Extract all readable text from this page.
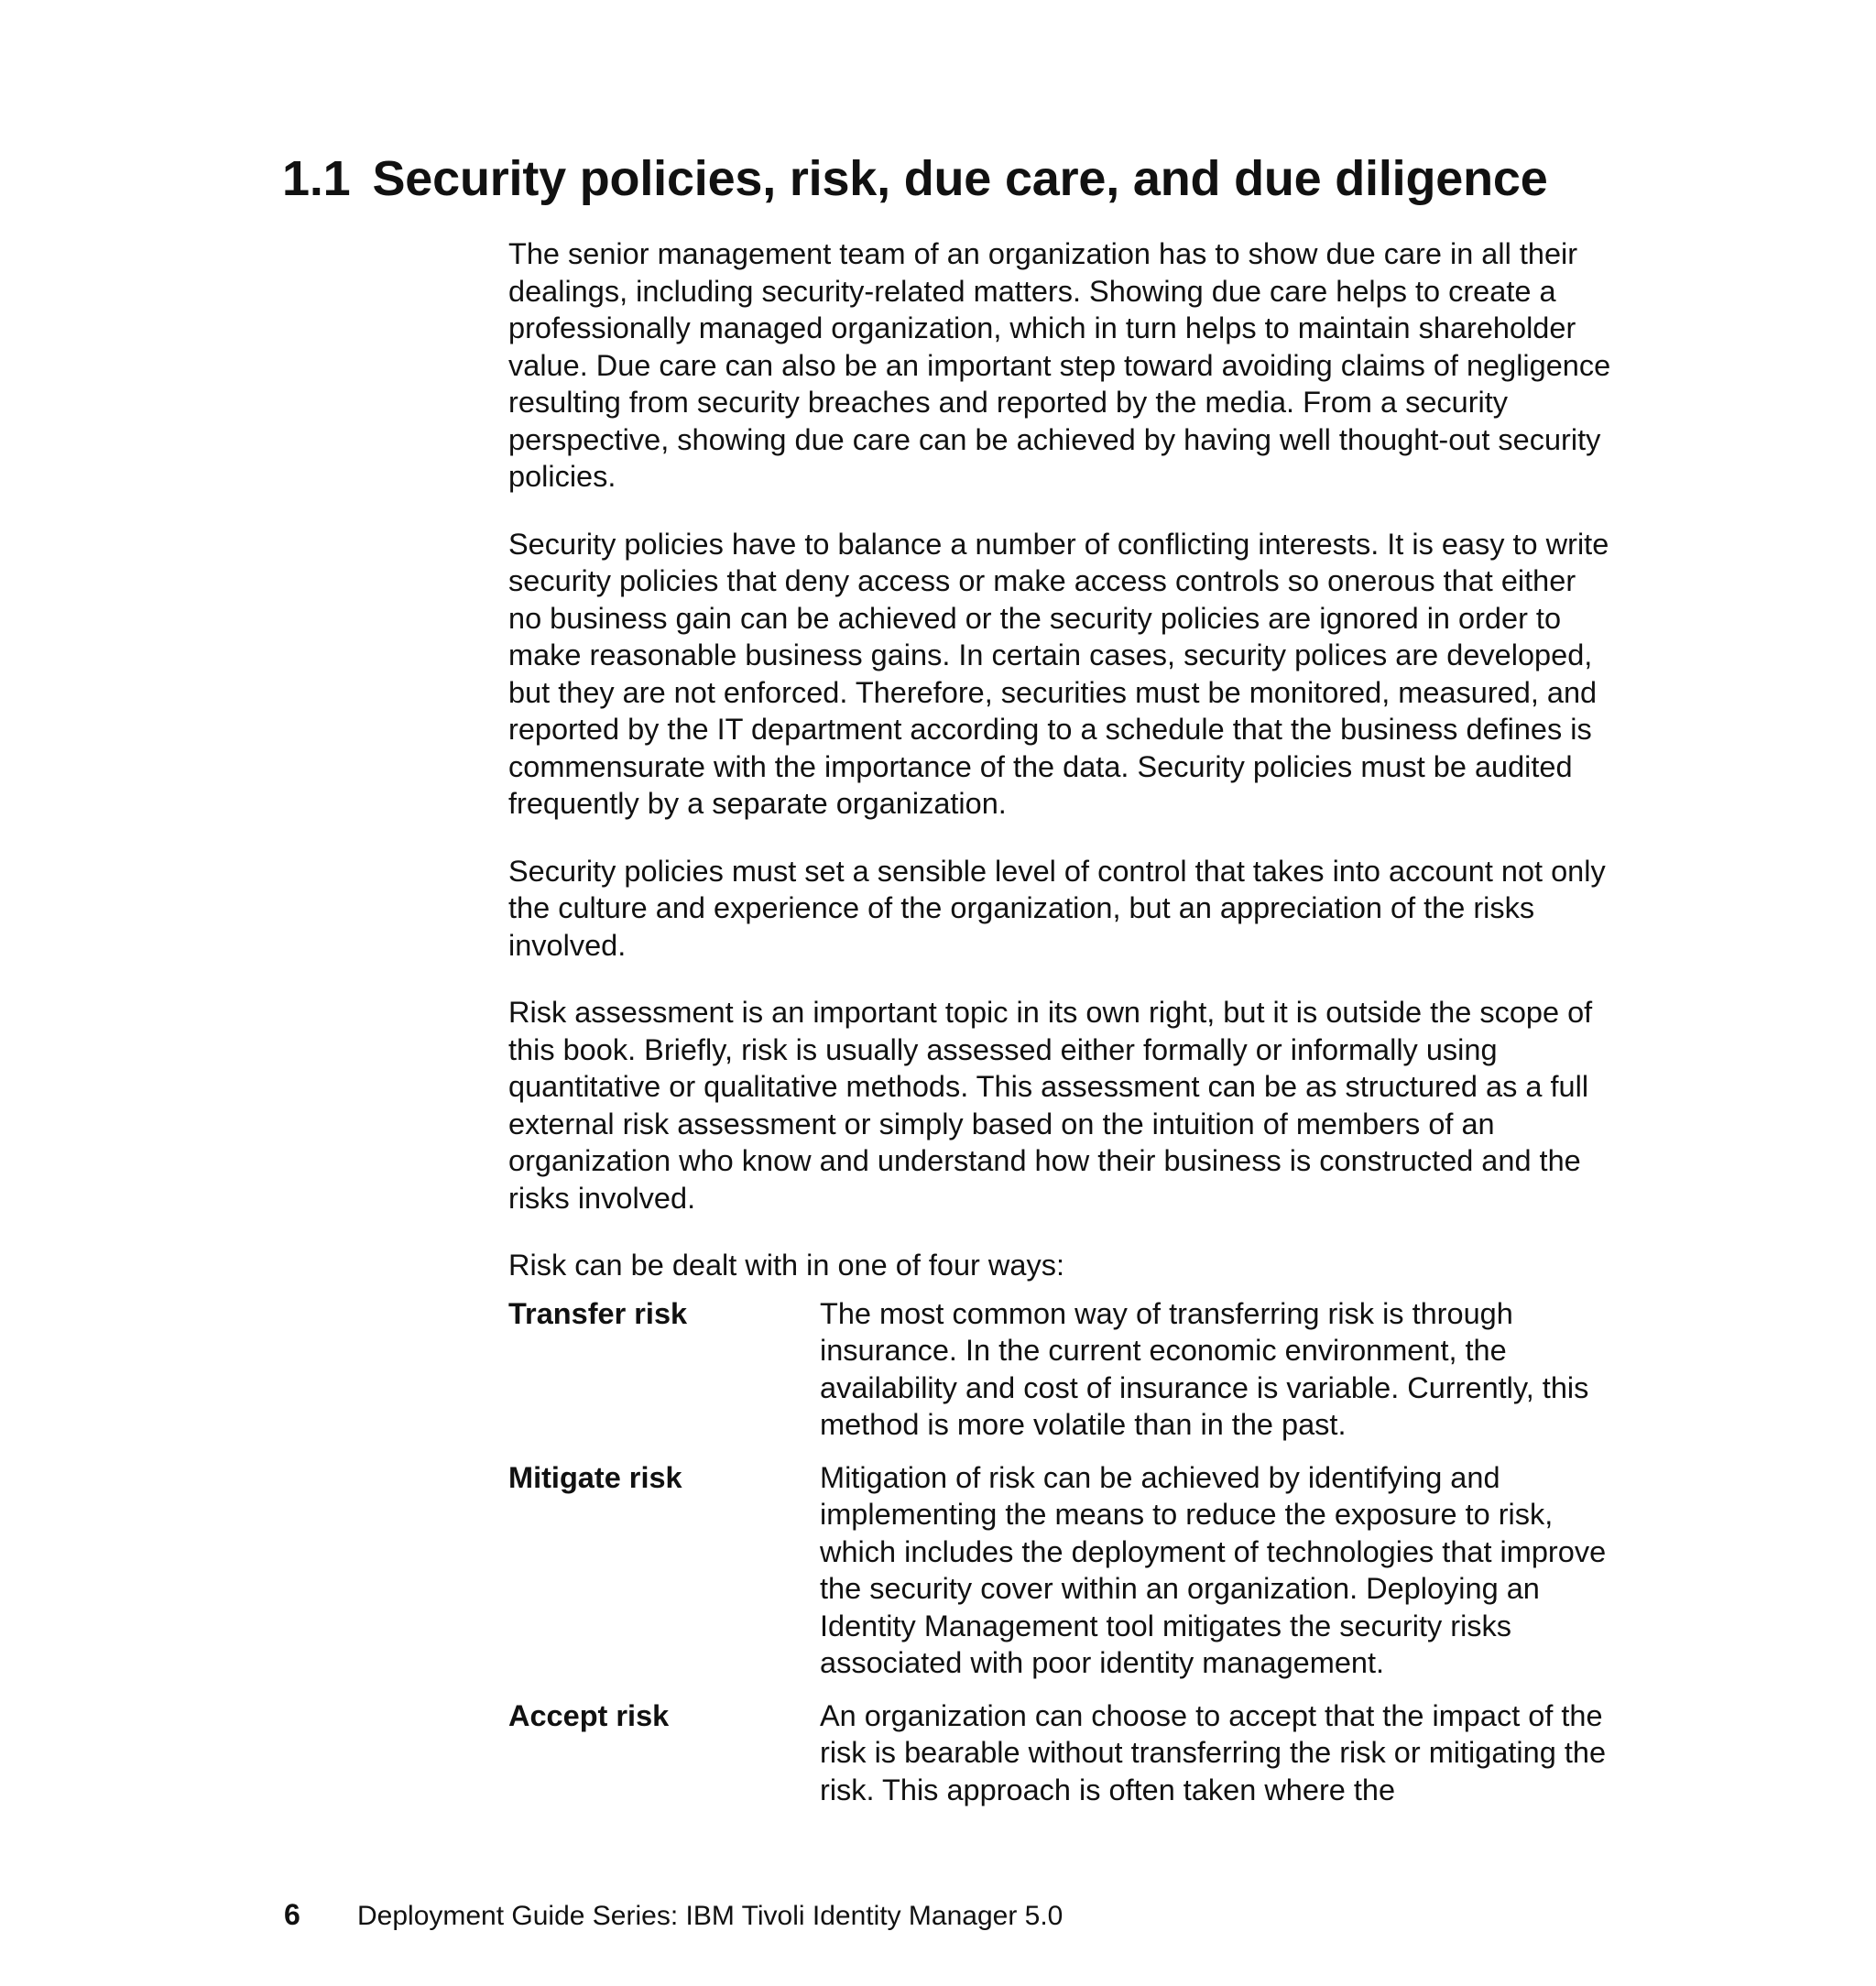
1.1 Security policies, risk, due care, and due diligence

The senior management team of an organization has to show due care in all their dealings, including security-related matters. Showing due care helps to create a professionally managed organization, which in turn helps to maintain shareholder value. Due care can also be an important step toward avoiding claims of negligence resulting from security breaches and reported by the media. From a security perspective, showing due care can be achieved by having well thought-out security policies.

Security policies have to balance a number of conflicting interests. It is easy to write security policies that deny access or make access controls so onerous that either no business gain can be achieved or the security policies are ignored in order to make reasonable business gains. In certain cases, security polices are developed, but they are not enforced. Therefore, securities must be monitored, measured, and reported by the IT department according to a schedule that the business defines is commensurate with the importance of the data. Security policies must be audited frequently by a separate organization.

Security policies must set a sensible level of control that takes into account not only the culture and experience of the organization, but an appreciation of the risks involved.

Risk assessment is an important topic in its own right, but it is outside the scope of this book. Briefly, risk is usually assessed either formally or informally using quantitative or qualitative methods. This assessment can be as structured as a full external risk assessment or simply based on the intuition of members of an organization who know and understand how their business is constructed and the risks involved.

Risk can be dealt with in one of four ways:

Transfer risk	The most common way of transferring risk is through insurance. In the current economic environment, the availability and cost of insurance is variable. Currently, this method is more volatile than in the past.
Mitigate risk	Mitigation of risk can be achieved by identifying and implementing the means to reduce the exposure to risk, which includes the deployment of technologies that improve the security cover within an organization. Deploying an Identity Management tool mitigates the security risks associated with poor identity management.
Accept risk	An organization can choose to accept that the impact of the risk is bearable without transferring the risk or mitigating the risk. This approach is often taken where the
6 Deployment Guide Series: IBM Tivoli Identity Manager 5.0
